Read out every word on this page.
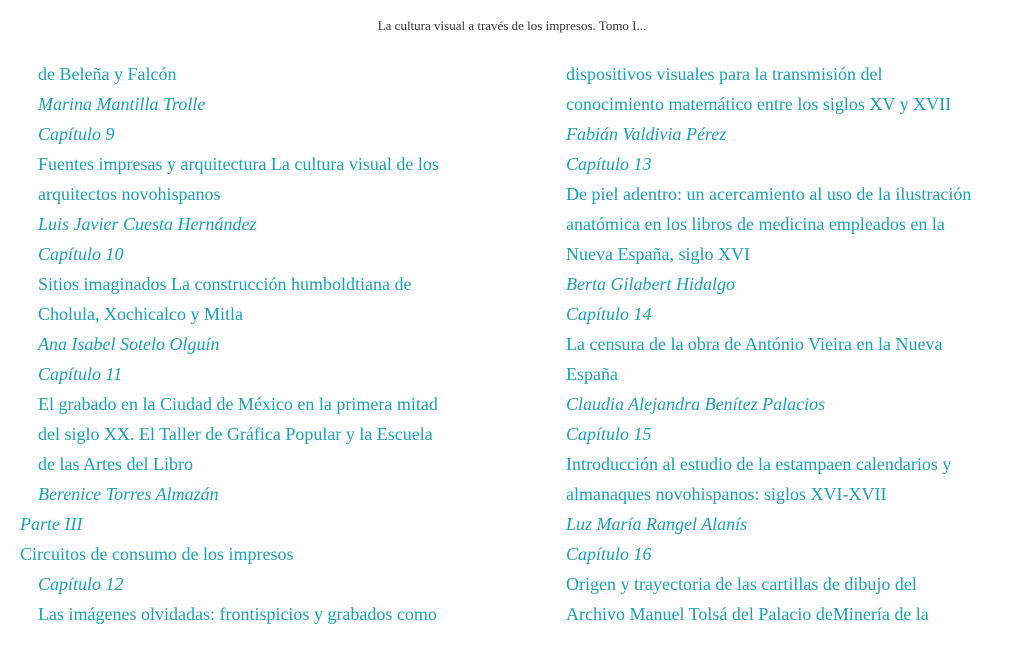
La cultura visual a través de los impresos. Tomo I...
de Beleña y Falcón
Marina Mantilla Trolle
Capítulo 9
Fuentes impresas y arquitectura La cultura visual de los
arquitectos novohispanos
Luis Javier Cuesta Hernández
Capítulo 10
Sitios imaginados La construcción humboldtiana de
Cholula, Xochicalco y Mitla
Ana Isabel Sotelo Olguín
Capítulo 11
El grabado en la Ciudad de México en la primera mitad
del siglo XX. El Taller de Gráfica Popular y la Escuela
de las Artes del Libro
Berenice Torres Almazán
Parte III
Circuitos de consumo de los impresos
Capítulo 12
Las imágenes olvidadas: frontispicios y grabados como
dispositivos visuales para la transmisión del
conocimiento matemático entre los siglos XV y XVII
Fabián Valdivia Pérez
Capítulo 13
De piel adentro: un acercamiento al uso de la ilustración
anatómica en los libros de medicina empleados en la
Nueva España, siglo XVI
Berta Gilabert Hidalgo
Capítulo 14
La censura de la obra de António Vieira en la Nueva
España
Claudia Alejandra Benítez Palacios
Capítulo 15
Introducción al estudio de la estampaen calendarios y
almanaques novohispanos: siglos XVI-XVII
Luz María Rangel Alanís
Capítulo 16
Origen y trayectoria de las cartillas de dibujo del
Archivo Manuel Tolsá del Palacio deMinería de la
